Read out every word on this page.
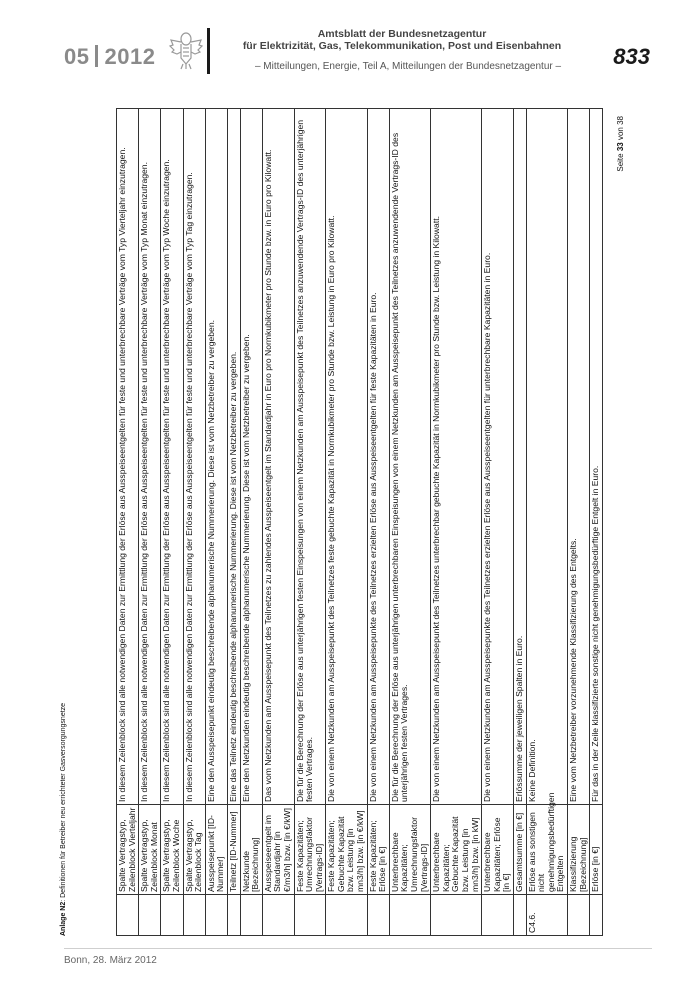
05 2012
Amtsblatt der Bundesnetzagentur
für Elektrizität, Gas, Telekommunikation, Post und Eisenbahnen
– Mitteilungen, Energie, Teil A, Mitteilungen der Bundesnetzagentur –	833
Anlage N2: Definitionen für Betreiber neu errichteter Gasversorgungsnetze
		Spalte Vertragstyp, Zeilenblock Vierteljahr	In diesem Zeilenblock sind alle notwendigen Daten zur Ermittlung der Erlöse aus Ausspeiseentgelten für feste und unterbrechbare Verträge vom Typ Vierteljahr einzutragen.
	Spalte Vertragstyp, Zeilenblock Monat	In diesem Zeilenblock sind alle notwendigen Daten zur Ermittlung der Erlöse aus Ausspeiseentgelten für feste und unterbrechbare Verträge vom Typ Monat einzutragen.
	Spalte Vertragstyp, Zeilenblock Woche	In diesem Zeilenblock sind alle notwendigen Daten zur Ermittlung der Erlöse aus Ausspeiseentgelten für feste und unterbrechbare Verträge vom Typ Woche einzutragen.
	Spalte Vertragstyp, Zeilenblock Tag	In diesem Zeilenblock sind alle notwendigen Daten zur Ermittlung der Erlöse aus Ausspeiseentgelten für feste und unterbrechbare Verträge vom Typ Tag einzutragen.
	Ausspeisepunkt [ID-Nummer]	Eine den Ausspeisepunkt eindeutig beschreibende alphanumerische Nummerierung. Diese ist vom Netzbetreiber zu vergeben.
	Teilnetz [ID-Nummer]	Eine das Teilnetz eindeutig beschreibende alphanumerische Nummerierung. Diese ist vom Netzbetreiber zu vergeben.
	Netzkunde [Bezeichnung]	Eine den Netzkunden eindeutig beschreibende alphanumerische Nummerierung. Diese ist vom Netzbetreiber zu vergeben.
	Ausspeiseentgelt im Standardjahr [in €/m3/h] bzw. [in €/kW]	Das vom Netzkunden am Ausspeisepunkt des Teilnetzes zu zahlendes Ausspeiseentgelt im Standardjahr in Euro pro Normkubikmeter pro Stunde bzw. in Euro pro Kilowatt.
	Feste Kapazitäten; Umrechnungsfaktor [Vertrags-ID]	Die für die Berechnung der Erlöse aus unterjährigen festen Einspeisungen von einem Netzkunden am Ausspeisepunkt des Teilnetzes anzuwendende Vertrags-ID des unterjährigen festen Vertrages.
	Feste Kapazitäten; Gebuchte Kapazität bzw. Leistung [in mn3/h] bzw. [in €/kW]	Die von einem Netzkunden am Ausspeisepunkt des Teilnetzes feste gebuchte Kapazität in Normkubikmeter pro Stunde bzw. Leistung in Euro pro Kilowatt.
	Feste Kapazitäten; Erlöse [in €]	Die von einem Netzkunden am Ausspeisepunkte des Teilnetzes erzielten Erlöse aus Ausspeiseentgelten für feste Kapazitäten in Euro.
	Unterbrechbare Kapazitäten; Umrechnungsfaktor [Vertrags-ID]	Die für die Berechnung der Erlöse aus unterjährigen unterbrechbaren Einspeisungen von einem Netzkunden am Ausspeisepunkt des Teilnetzes anzuwendende Vertrags-ID des unterjährigen festen Vertrages.
	Unterbrechbare Kapazitäten; Gebuchte Kapazität bzw. Leistung [in mn3/h] bzw. [in kW]	Die von einem Netzkunden am Ausspeisepunkt des Teilnetzes unterbrechbar gebuchte Kapazität in Normkubikmeter pro Stunde bzw. Leistung in Kilowatt.
	Unterbrechbare Kapazitäten; Erlöse [in €]	Die von einem Netzkunden am Ausspeisepunkte des Teilnetzes erzielten Erlöse aus Ausspeiseentgelten für unterbrechbare Kapazitäten in Euro.
	Gesamtsumme [in €]	Erlössumme der jeweiligen Spalten in Euro.
C4.6.	Erlöse aus sonstigen nicht genehmigungsbedürftigen Entgelten	Keine Definition.
	Klassifizierung [Bezeichnung]	Eine vom Netzbetreiber vorzunehmende Klassifizierung des Entgelts.
	Erlöse [in €]	Für das in der Zeile klassifizierte sonstige nicht genehmigungsbedürftige Entgelt in Euro.
Seite 33 von 38
Bonn, 28. März 2012
